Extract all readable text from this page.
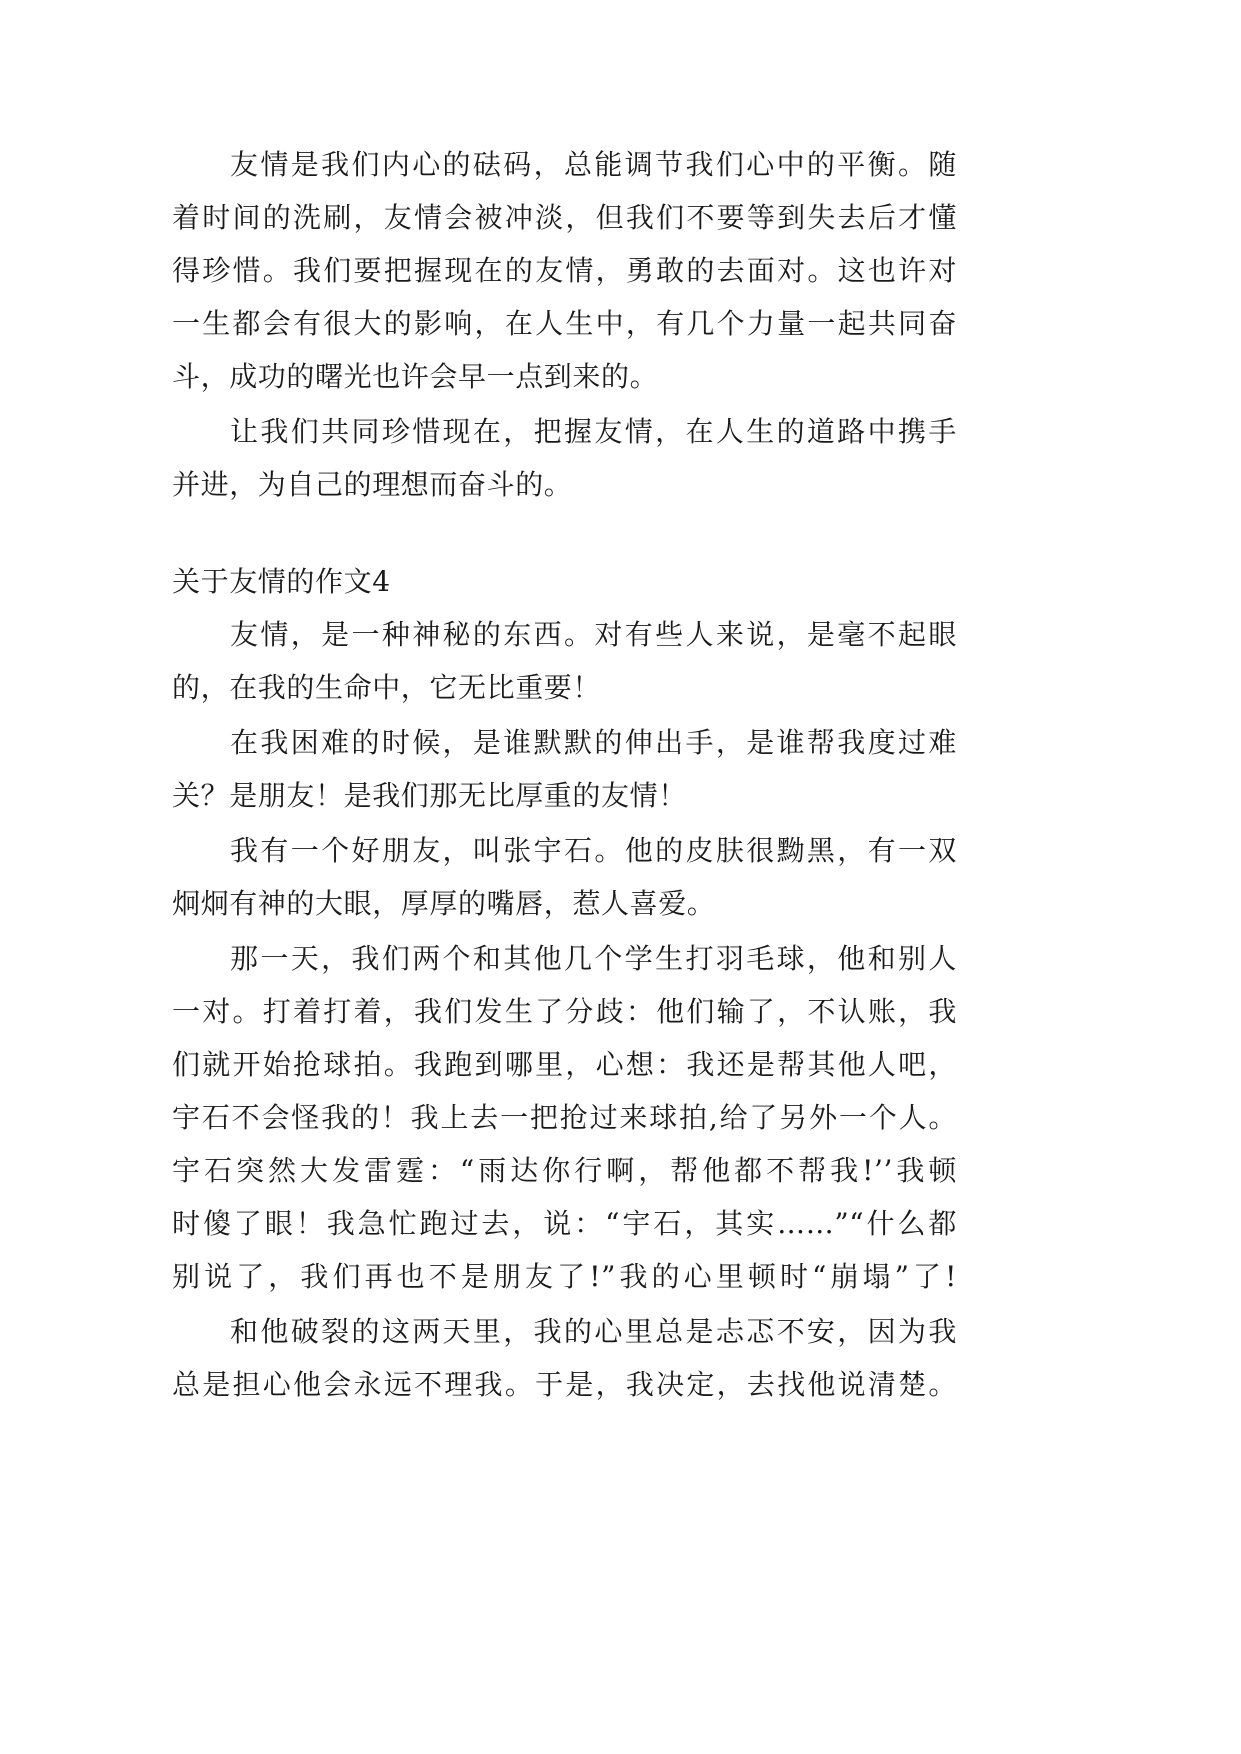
友情是我们内心的砝码，总能调节我们心中的平衡。随
着时间的洗刷，友情会被冲淡，但我们不要等到失去后才懂
得珍惜。我们要把握现在的友情，勇敢的去面对。这也许对
一生都会有很大的影响，在人生中，有几个力量一起共同奋
斗，成功的曙光也许会早一点到来的。
让我们共同珍惜现在，把握友情，在人生的道路中携手
并进，为自己的理想而奋斗的。
关于友情的作文4
友情，是一种神秘的东西。对有些人来说，是毫不起眼
的，在我的生命中，它无比重要！
在我困难的时候，是谁默默的伸出手，是谁帮我度过难
关？是朋友！是我们那无比厚重的友情！
我有一个好朋友，叫张宇石。他的皮肤很黝黑，有一双
炯炯有神的大眼，厚厚的嘴唇，惹人喜爱。
那一天，我们两个和其他几个学生打羽毛球，他和别人
一对。打着打着，我们发生了分歧：他们输了，不认账，我
们就开始抢球拍。我跑到哪里，心想：我还是帮其他人吧，
宇石不会怪我的！我上去一把抢过来球拍,给了另外一个人。
宇石突然大发雷霆：“雨达你行啊，帮他都不帮我!’’我顿
时傻了眼！我急忙跑过去，说：“宇石，其实……”“什么都
别说了，我们再也不是朋友了!”我的心里顿时“崩塌”了!
和他破裂的这两天里，我的心里总是忐忑不安，因为我
总是担心他会永远不理我。于是，我决定，去找他说清楚。
